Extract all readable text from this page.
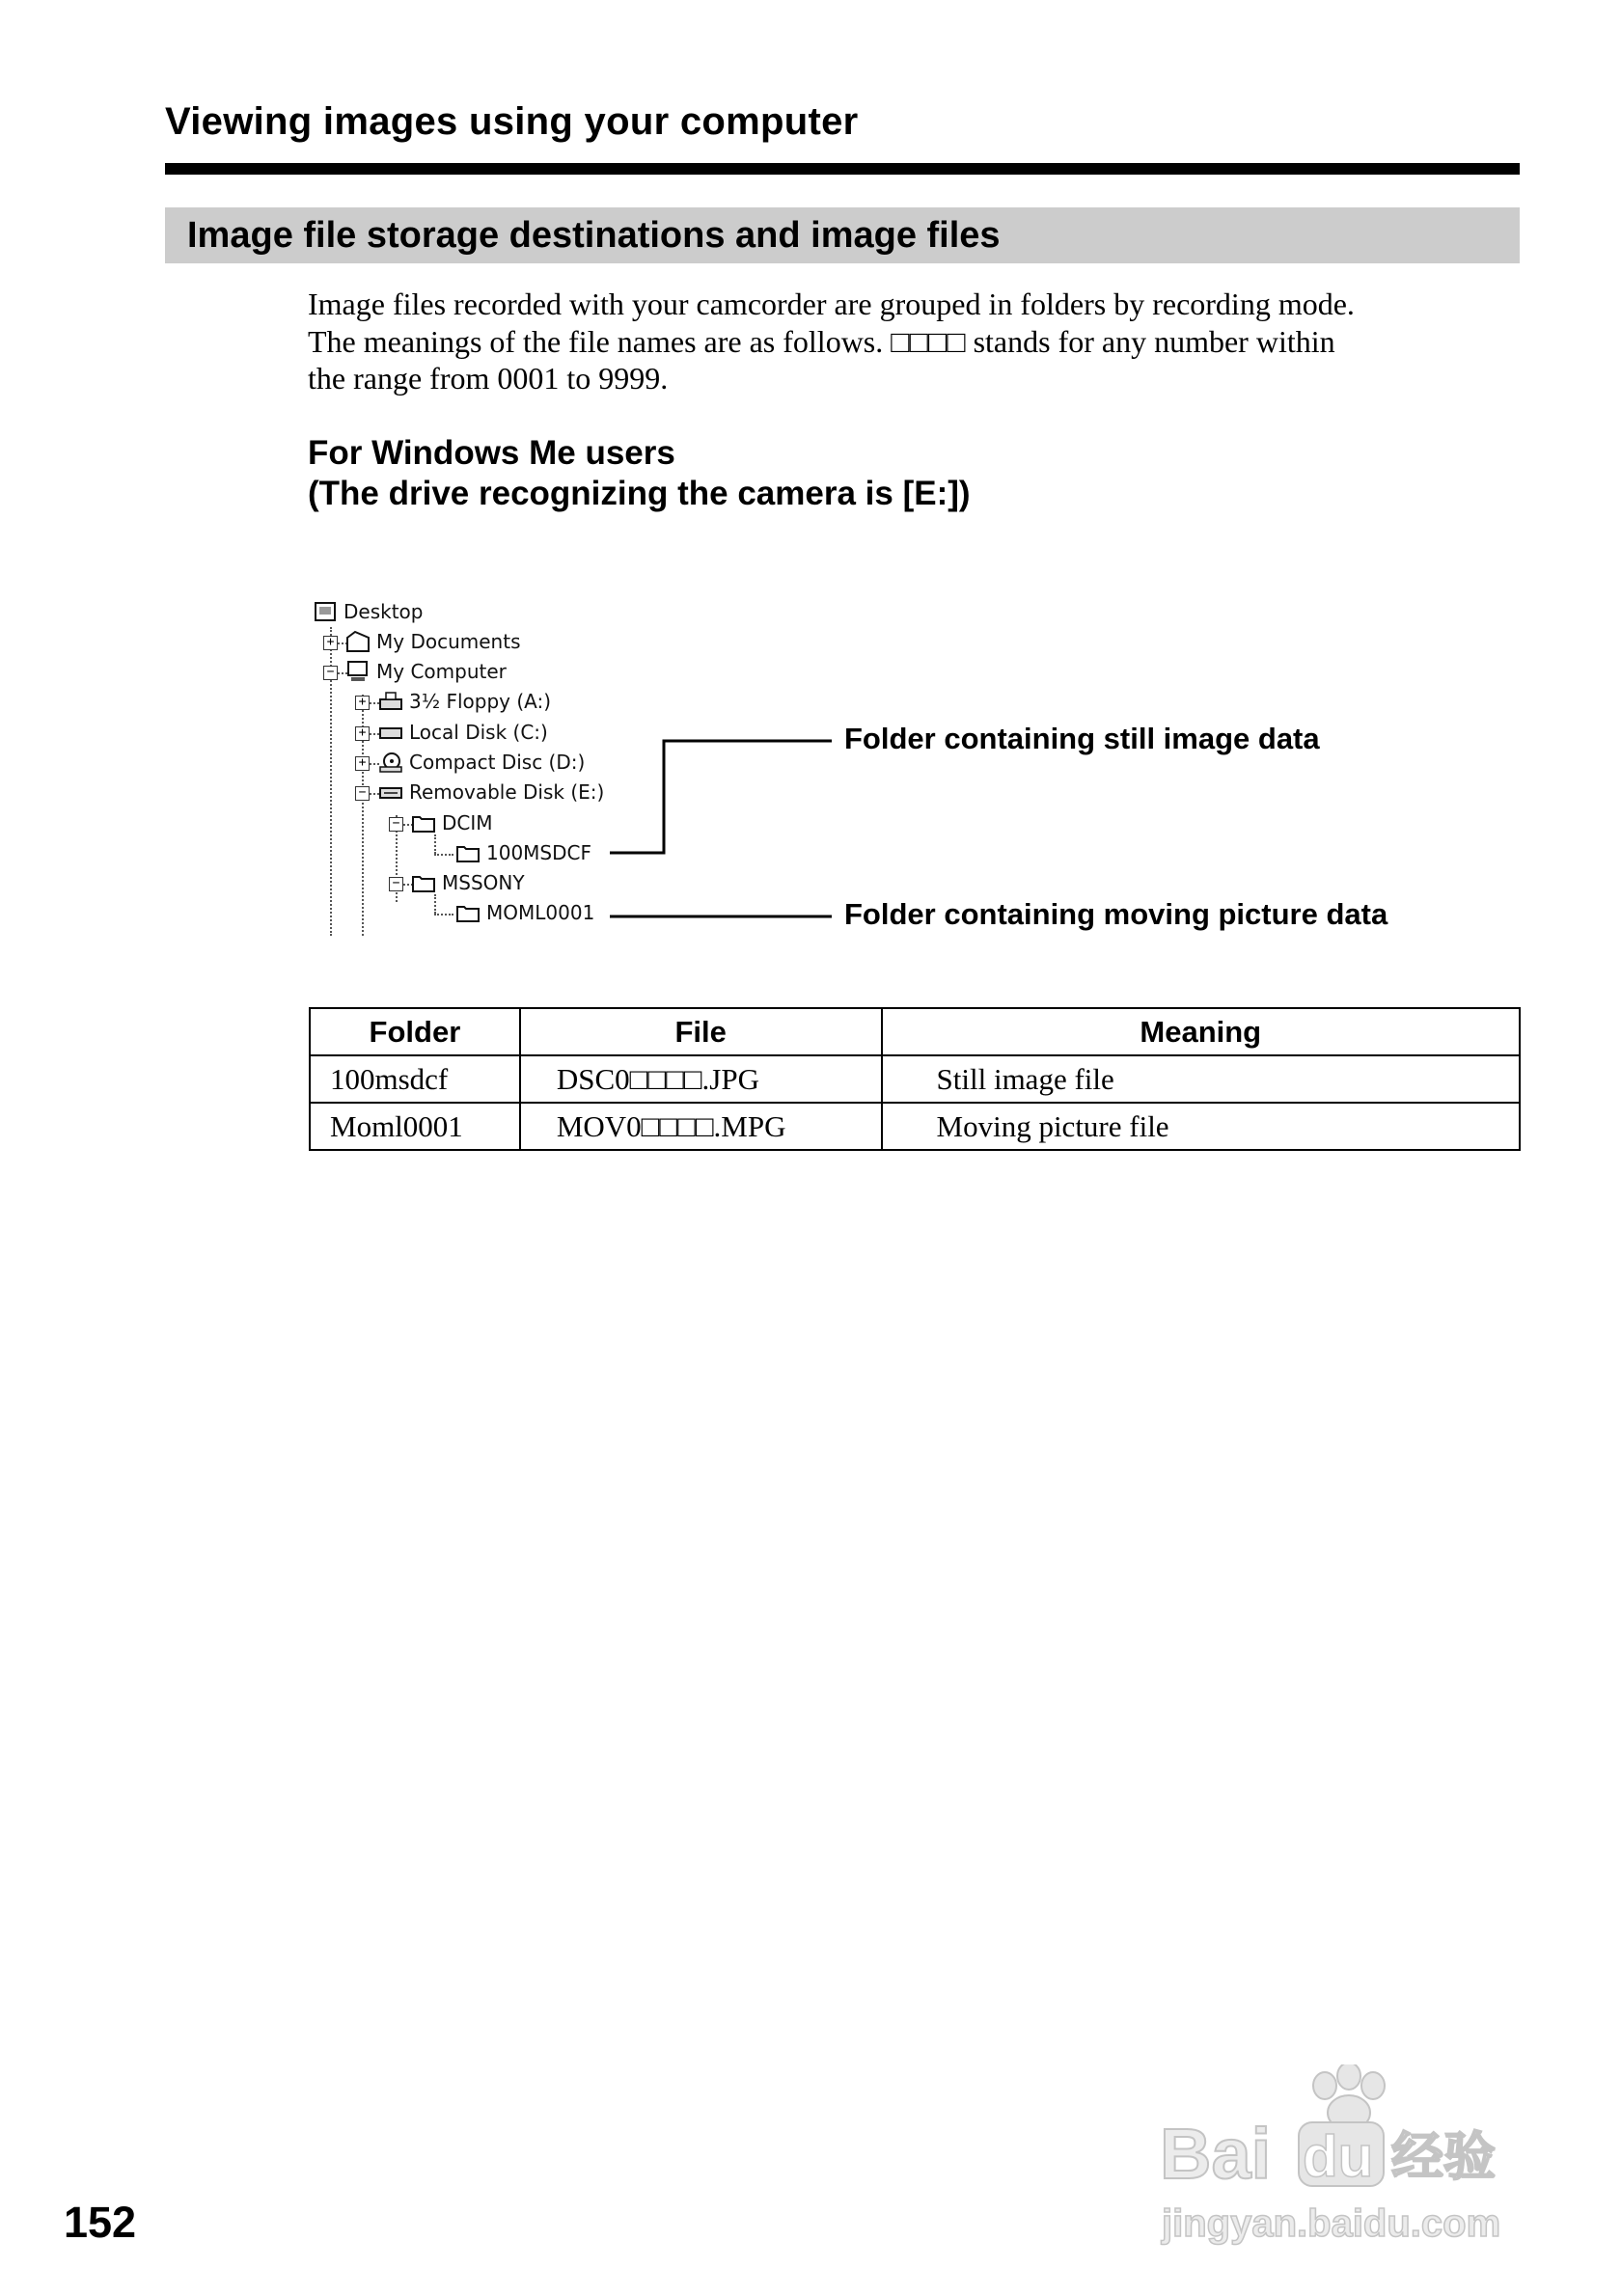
Viewing images using your computer
Image file storage destinations and image files
Image files recorded with your camcorder are grouped in folders by recording mode.
The meanings of the file names are as follows. □□□□ stands for any number within
the range from 0001 to 9999.
For Windows Me users
(The drive recognizing the camera is [E:])
+
−
+
+
+
−
−
−
Desktop
My Documents
My Computer
3½ Floppy (A:)
Local Disk (C:)
Compact Disc (D:)
Removable Disk (E:)
DCIM
100MSDCF
MSSONY
MOML0001
Folder containing still image data
Folder containing moving picture data
Folder	File	Meaning
100msdcf	DSC0□□□□.JPG	Still image file
Moml0001	MOV0□□□□.MPG	Moving picture file
152
Bai du 经验
jingyan.baidu.com
